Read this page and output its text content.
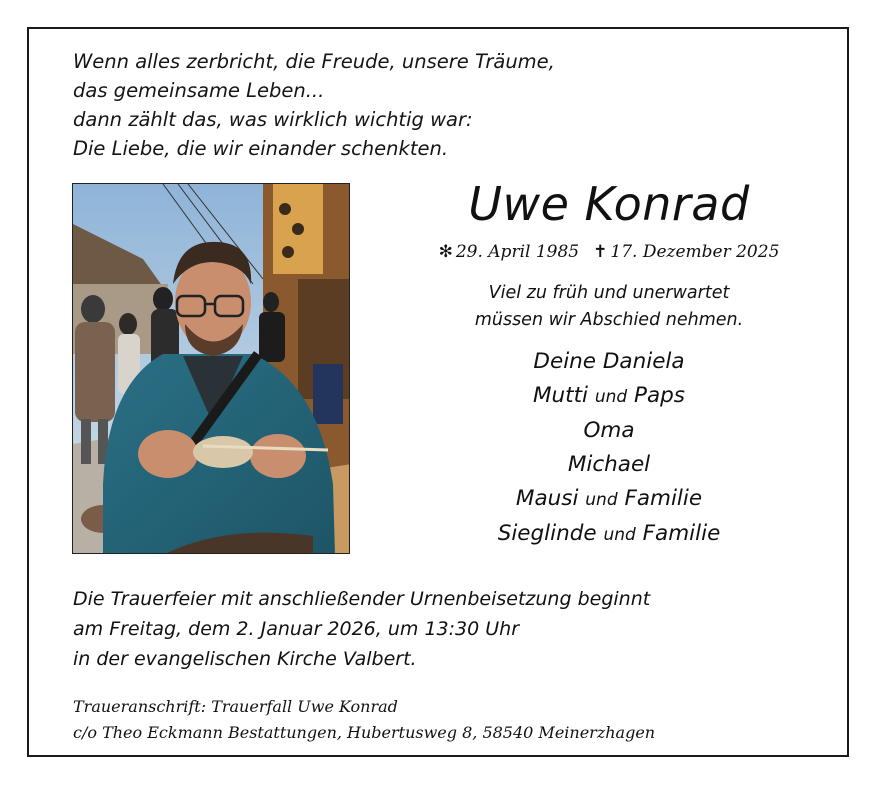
Wenn alles zerbricht, die Freude, unsere Träume,
das gemeinsame Leben...
dann zählt das, was wirklich wichtig war:
Die Liebe, die wir einander schenkten.
Uwe Konrad
✻ 29. April 1985 ✝ 17. Dezember 2025
Viel zu früh und unerwartet
müssen wir Abschied nehmen.
Deine Daniela
Mutti und Paps
Oma
Michael
Mausi und Familie
Sieglinde und Familie
Die Trauerfeier mit anschließender Urnenbeisetzung beginnt
am Freitag, dem 2. Januar 2026, um 13:30 Uhr
in der evangelischen Kirche Valbert.
Traueranschrift: Trauerfall Uwe Konrad
c/o Theo Eckmann Bestattungen, Hubertusweg 8, 58540 Meinerzhagen
